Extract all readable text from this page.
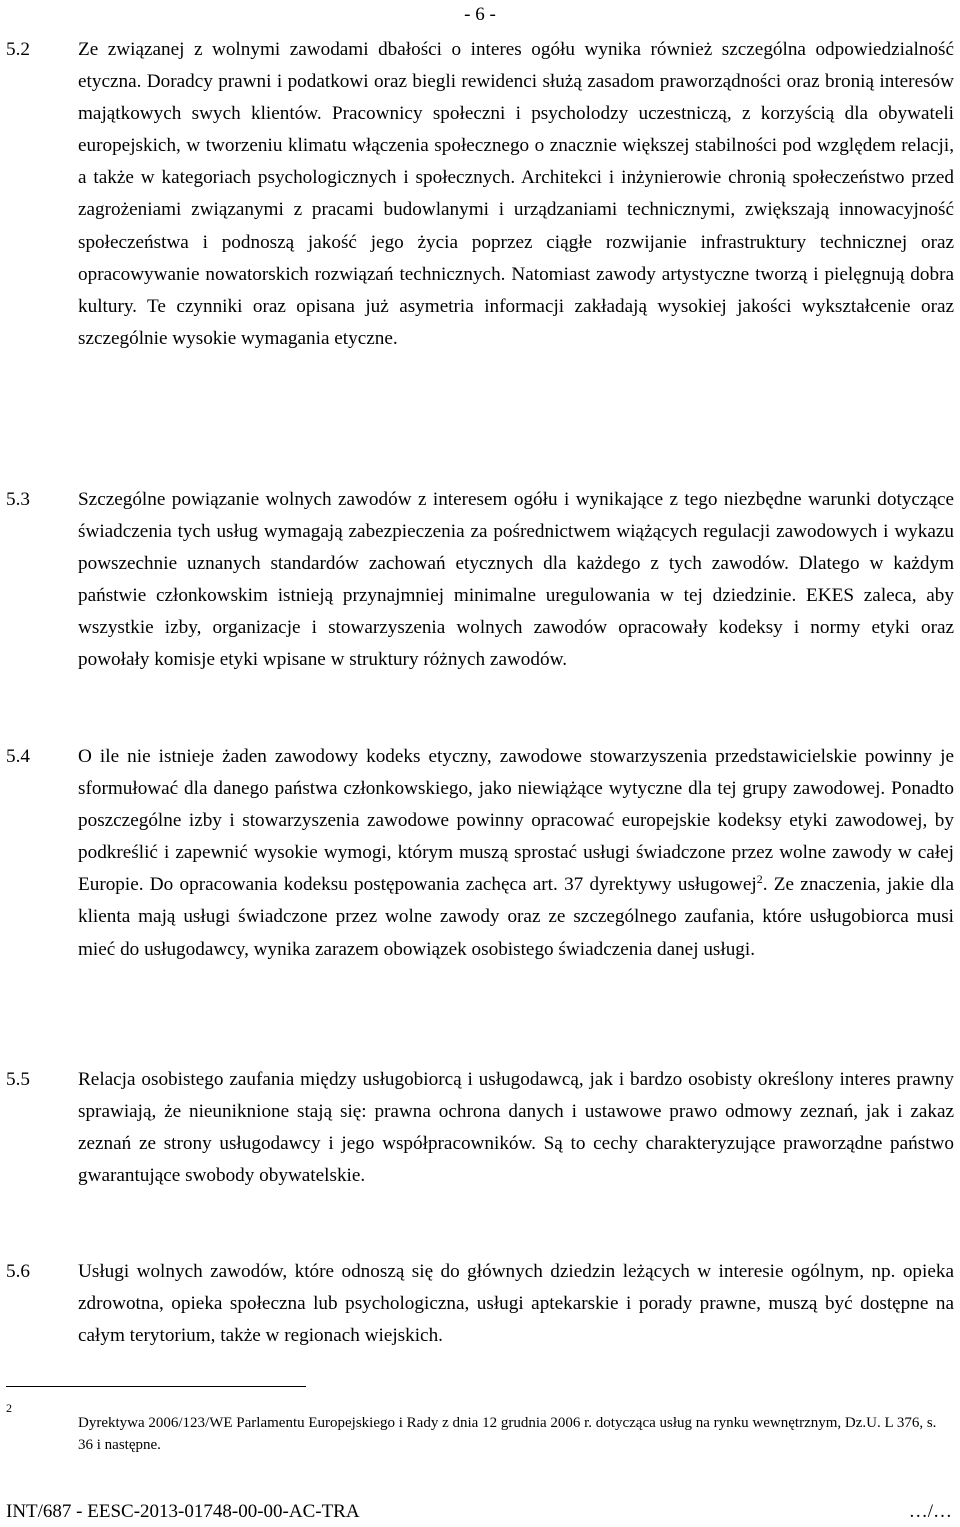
- 6 -
5.2	Ze związanej z wolnymi zawodami dbałości o interes ogółu wynika również szczególna odpowiedzialność etyczna. Doradcy prawni i podatkowi oraz biegli rewidenci służą zasadom praworządności oraz bronią interesów majątkowych swych klientów. Pracownicy społeczni i psycholodzy uczestniczą, z korzyścią dla obywateli europejskich, w tworzeniu klimatu włączenia społecznego o znacznie większej stabilności pod względem relacji, a także w kategoriach psychologicznych i społecznych. Architekci i inżynierowie chronią społeczeństwo przed zagrożeniami związanymi z pracami budowlanymi i urządzaniami technicznymi, zwiększają innowacyjność społeczeństwa i podnoszą jakość jego życia poprzez ciągłe rozwijanie infrastruktury technicznej oraz opracowywanie nowatorskich rozwiązań technicznych. Natomiast zawody artystyczne tworzą i pielęgnują dobra kultury. Te czynniki oraz opisana już asymetria informacji zakładają wysokiej jakości wykształcenie oraz szczególnie wysokie wymagania etyczne.
5.3	Szczególne powiązanie wolnych zawodów z interesem ogółu i wynikające z tego niezbędne warunki dotyczące świadczenia tych usług wymagają zabezpieczenia za pośrednictwem wiążących regulacji zawodowych i wykazu powszechnie uznanych standardów zachowań etycznych dla każdego z tych zawodów. Dlatego w każdym państwie członkowskim istnieją przynajmniej minimalne uregulowania w tej dziedzinie. EKES zaleca, aby wszystkie izby, organizacje i stowarzyszenia wolnych zawodów opracowały kodeksy i normy etyki oraz powołały komisje etyki wpisane w struktury różnych zawodów.
5.4	O ile nie istnieje żaden zawodowy kodeks etyczny, zawodowe stowarzyszenia przedstawicielskie powinny je sformułować dla danego państwa członkowskiego, jako niewiążące wytyczne dla tej grupy zawodowej. Ponadto poszczególne izby i stowarzyszenia zawodowe powinny opracować europejskie kodeksy etyki zawodowej, by podkreślić i zapewnić wysokie wymogi, którym muszą sprostać usługi świadczone przez wolne zawody w całej Europie. Do opracowania kodeksu postępowania zachęca art. 37 dyrektywy usługowej$^2$. Ze znaczenia, jakie dla klienta mają usługi świadczone przez wolne zawody oraz ze szczególnego zaufania, które usługobiorca musi mieć do usługodawcy, wynika zarazem obowiązek osobistego świadczenia danej usługi.
5.5	Relacja osobistego zaufania między usługobiorcą i usługodawcą, jak i bardzo osobisty określony interes prawny sprawiają, że nieuniknione stają się: prawna ochrona danych i ustawowe prawo odmowy zeznań, jak i zakaz zeznań ze strony usługodawcy i jego współpracowników. Są to cechy charakteryzujące praworządne państwo gwarantujące swobody obywatelskie.
5.6	Usługi wolnych zawodów, które odnoszą się do głównych dziedzin leżących w interesie ogólnym, np. opieka zdrowotna, opieka społeczna lub psychologiczna, usługi aptekarskie i porady prawne, muszą być dostępne na całym terytorium, także w regionach wiejskich.
2
Dyrektywa 2006/123/WE Parlamentu Europejskiego i Rady z dnia 12 grudnia 2006 r. dotycząca usług na rynku wewnętrznym, Dz.U. L 376, s. 36 i następne.
INT/687 - EESC-2013-01748-00-00-AC-TRA	…/…
